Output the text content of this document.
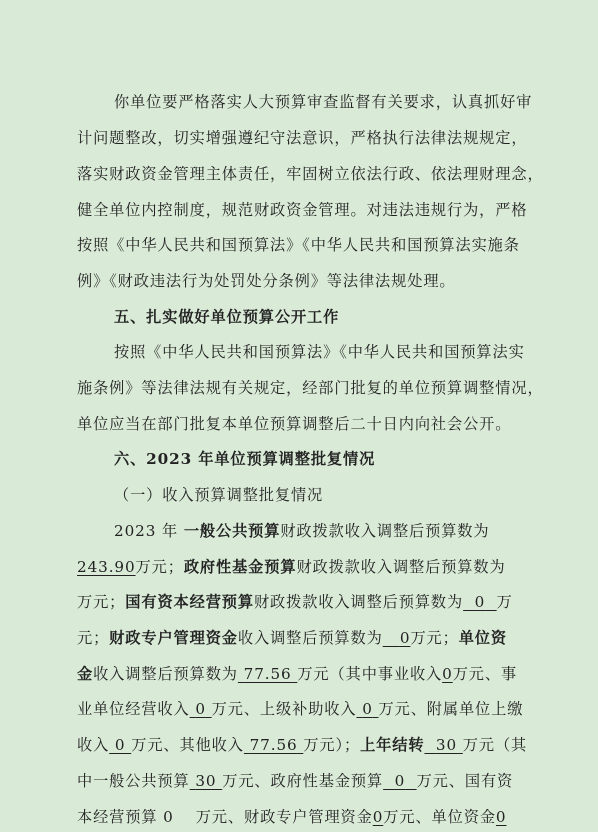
你单位要严格落实人大预算审查监督有关要求，认真抓好审
计问题整改，切实增强遵纪守法意识，严格执行法律法规规定，
落实财政资金管理主体责任，牢固树立依法行政、依法理财理念，
健全单位内控制度，规范财政资金管理。对违法违规行为，严格
按照《中华人民共和国预算法》《中华人民共和国预算法实施条
例》《财政违法行为处罚处分条例》等法律法规处理。
五、扎实做好单位预算公开工作
按照《中华人民共和国预算法》《中华人民共和国预算法实
施条例》等法律法规有关规定，经部门批复的单位预算调整情况，
单位应当在部门批复本单位预算调整后二十日内向社会公开。
六、2023 年单位预算调整批复情况
（一）收入预算调整批复情况
2023 年 一般公共预算财政拨款收入调整后预算数为
243.90万元；政府性基金预算财政拨款收入调整后预算数为
万元；国有资本经营预算财政拨款收入调整后预算数为 0 万
元；财政专户管理资金收入调整后预算数为 0万元；单位资
金收入调整后预算数为 77.56 万元（其中事业收入0万元、事
业单位经营收入 0 万元、上级补助收入 0 万元、附属单位上缴
收入 0 万元、其他收入 77.56 万元）；上年结转 30 万元（其
中一般公共预算 30 万元、政府性基金预算 0 万元、国有资
本经营预算 0 万元、财政专户管理资金0万元、单位资金0
